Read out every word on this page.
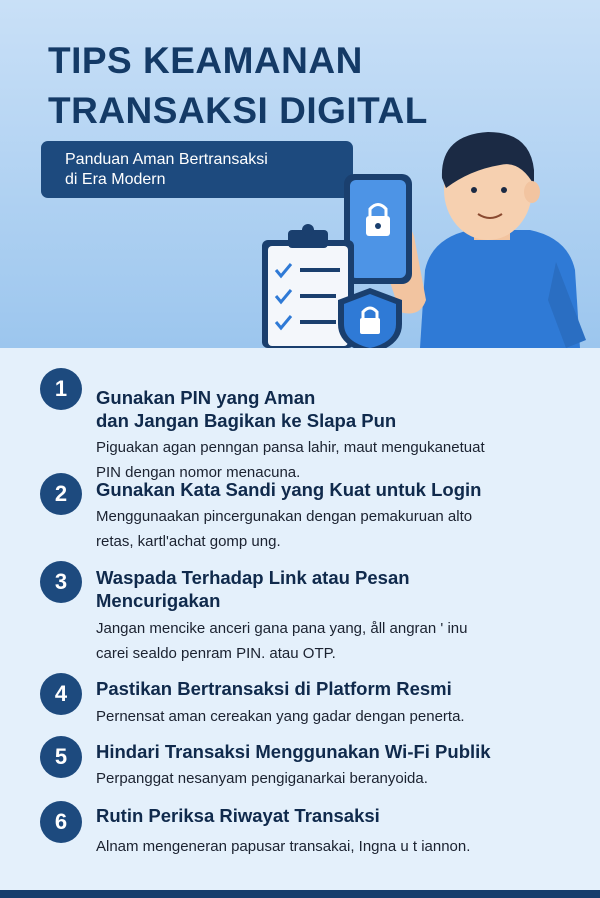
TIPS KEAMANAN
TRANSAKSI DIGITAL
Panduan Aman Bertransaksi
di Era Modern
1	Gunakan PIN yang Aman
dan Jangan Bagikan ke Slapa Pun

Piguakan agan penngan pansa lahir, maut mengukanetuat
PIN dengan nomor menacuna.

2	Gunakan Kata Sandi yang Kuat untuk Login

Menggunaakan pincergunakan dengan pemakuruan alto
retas, kartl'achat gomp ung.

3	Waspada Terhadap Link atau Pesan
Mencurigakan

Jangan mencike anceri gana pana yang, åll angran ' inu
carei sealdo penram PIN. atau OTP.

4	Pastikan Bertransaksi di Platform Resmi

Pernensat aman cereakan yang gadar dengan penerta.

5	Hindari Transaksi Menggunakan Wi-Fi Publik

Perpanggat nesanyam pengiganarkai beranyoida.

6	Rutin Periksa Riwayat Transaksi

Alnam mengeneran papusar transakai, Ingna u t iannon.
